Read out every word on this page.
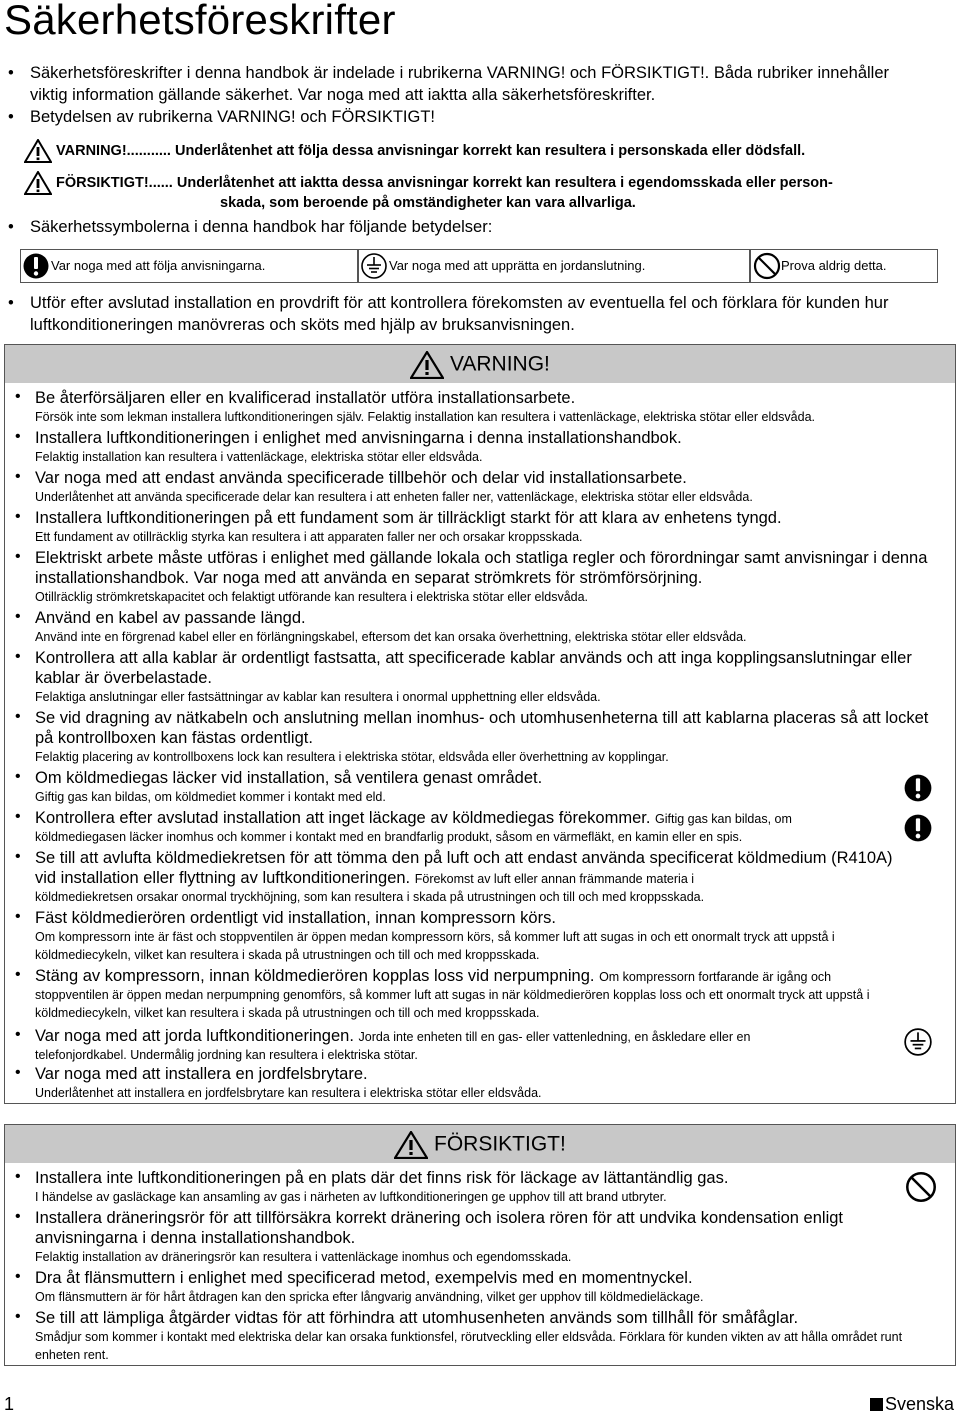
Säkerhetsföreskrifter
• Säkerhetsföreskrifter i denna handbok är indelade i rubrikerna VARNING! och FÖRSIKTIGT!. Båda rubriker innehåller viktig information gällande säkerhet. Var noga med att iaktta alla säkerhetsföreskrifter.
• Betydelsen av rubrikerna VARNING! och FÖRSIKTIGT!
VARNING!........... Underlåtenhet att följa dessa anvisningar korrekt kan resultera i personskada eller dödsfall.
FÖRSIKTIGT!...... Underlåtenhet att iaktta dessa anvisningar korrekt kan resultera i egendomsskada eller person-
skada, som beroende på omständigheter kan vara allvarliga.
• Säkerhetssymbolerna i denna handbok har följande betydelser:
Var noga med att följa anvisningarna.	Var noga med att upprätta en jordanslutning.	Prova aldrig detta.
• Utför efter avslutad installation en provdrift för att kontrollera förekomsten av eventuella fel och förklara för kunden hur luftkonditioneringen manövreras och sköts med hjälp av bruksanvisningen.
VARNING!
• Be återförsäljaren eller en kvalificerad installatör utföra installationsarbete.
Försök inte som lekman installera luftkonditioneringen själv. Felaktig installation kan resultera i vattenläckage, elektriska stötar eller eldsvåda.
• Installera luftkonditioneringen i enlighet med anvisningarna i denna installationshandbok.
Felaktig installation kan resultera i vattenläckage, elektriska stötar eller eldsvåda.
• Var noga med att endast använda specificerade tillbehör och delar vid installationsarbete.
Underlåtenhet att använda specificerade delar kan resultera i att enheten faller ner, vattenläckage, elektriska stötar eller eldsvåda.
• Installera luftkonditioneringen på ett fundament som är tillräckligt starkt för att klara av enhetens tyngd.
Ett fundament av otillräcklig styrka kan resultera i att apparaten faller ner och orsakar kroppsskada.
• Elektriskt arbete måste utföras i enlighet med gällande lokala och statliga regler och förordningar samt anvisningar i denna installationshandbok. Var noga med att använda en separat strömkrets för strömförsörjning.
Otillräcklig strömkretskapacitet och felaktigt utförande kan resultera i elektriska stötar eller eldsvåda.
• Använd en kabel av passande längd.
Använd inte en förgrenad kabel eller en förlängningskabel, eftersom det kan orsaka överhettning, elektriska stötar eller eldsvåda.
• Kontrollera att alla kablar är ordentligt fastsatta, att specificerade kablar används och att inga kopplingsanslutningar eller kablar är överbelastade.
Felaktiga anslutningar eller fastsättningar av kablar kan resultera i onormal upphettning eller eldsvåda.
• Se vid dragning av nätkabeln och anslutning mellan inomhus- och utomhusenheterna till att kablarna placeras så att locket på kontrollboxen kan fästas ordentligt.
Felaktig placering av kontrollboxens lock kan resultera i elektriska stötar, eldsvåda eller överhettning av kopplingar.
• Om köldmediegas läcker vid installation, så ventilera genast området.
Giftig gas kan bildas, om köldmediet kommer i kontakt med eld.
• Kontrollera efter avslutad installation att inget läckage av köldmediegas förekommer. Giftig gas kan bildas, om
köldmediegasen läcker inomhus och kommer i kontakt med en brandfarlig produkt, såsom en värmefläkt, en kamin eller en spis.
• Se till att avlufta köldmediekretsen för att tömma den på luft och att endast använda specificerat köldmedium (R410A) vid installation eller flyttning av luftkonditioneringen. Förekomst av luft eller annan främmande materia i
köldmediekretsen orsakar onormal tryckhöjning, som kan resultera i skada på utrustningen och till och med kroppsskada.
• Fäst köldmedierören ordentligt vid installation, innan kompressorn körs.
Om kompressorn inte är fäst och stoppventilen är öppen medan kompressorn körs, så kommer luft att sugas in och ett onormalt tryck att uppstå i köldmediecykeln, vilket kan resultera i skada på utrustningen och till och med kroppsskada.
• Stäng av kompressorn, innan köldmedierören kopplas loss vid nerpumpning. Om kompressorn fortfarande är igång och
stoppventilen är öppen medan nerpumpning genomförs, så kommer luft att sugas in när köldmedierören kopplas loss och ett onormalt tryck att uppstå i köldmediecykeln, vilket kan resultera i skada på utrustningen och till och med kroppsskada.
• Var noga med att jorda luftkonditioneringen. Jorda inte enheten till en gas- eller vattenledning, en åskledare eller en
telefonjordkabel. Undermålig jordning kan resultera i elektriska stötar.
• Var noga med att installera en jordfelsbrytare.
Underlåtenhet att installera en jordfelsbrytare kan resultera i elektriska stötar eller eldsvåda.
FÖRSIKTIGT!
• Installera inte luftkonditioneringen på en plats där det finns risk för läckage av lättantändlig gas.
I händelse av gasläckage kan ansamling av gas i närheten av luftkonditioneringen ge upphov till att brand utbryter.
• Installera dräneringsrör för att tillförsäkra korrekt dränering och isolera rören för att undvika kondensation enligt anvisningarna i denna installationshandbok.
Felaktig installation av dräneringsrör kan resultera i vattenläckage inomhus och egendomsskada.
• Dra åt flänsmuttern i enlighet med specificerad metod, exempelvis med en momentnyckel.
Om flänsmuttern är för hårt åtdragen kan den spricka efter långvarig användning, vilket ger upphov till köldmedieläckage.
• Se till att lämpliga åtgärder vidtas för att förhindra att utomhusenheten används som tillhåll för småfåglar.
Smådjur som kommer i kontakt med elektriska delar kan orsaka funktionsfel, rörutveckling eller eldsvåda. Förklara för kunden vikten av att hålla området runt enheten rent.
1	Svenska
